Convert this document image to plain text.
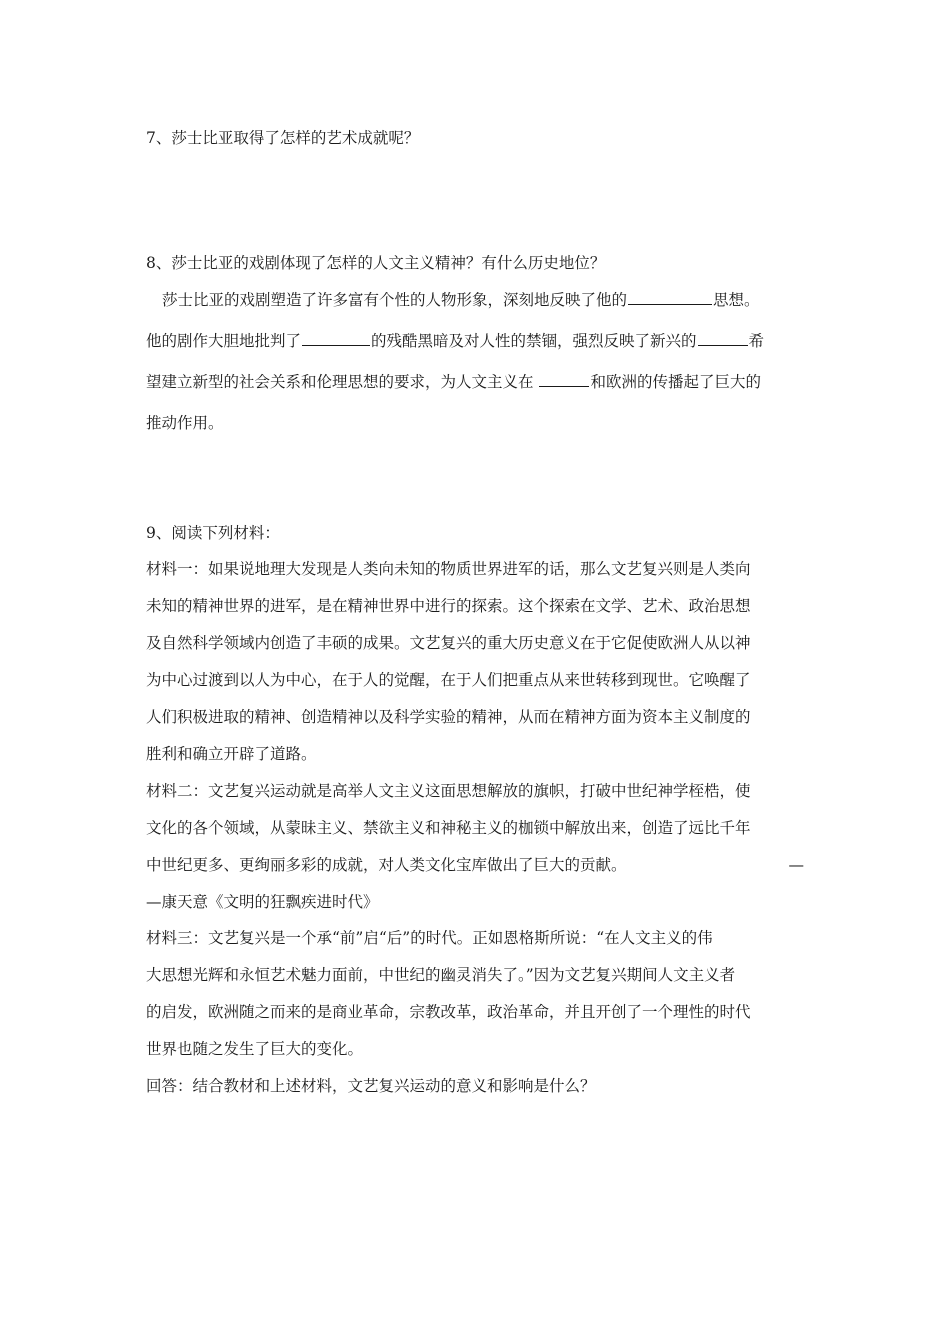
7、莎士比亚取得了怎样的艺术成就呢？

8、莎士比亚的戏剧体现了怎样的人文主义精神？有什么历史地位？

莎士比亚的戏剧塑造了许多富有个性的人物形象，深刻地反映了他的	思想。

他的剧作大胆地批判了	的残酷黑暗及对人性的禁锢，强烈反映了新兴的	希

望建立新型的社会关系和伦理思想的要求，为人文主义在	和欧洲的传播起了巨大的

推动作用。

9、阅读下列材料：

材料一：如果说地理大发现是人类向未知的物质世界进军的话，那么文艺复兴则是人类向

未知的精神世界的进军，是在精神世界中进行的探索。这个探索在文学、艺术、政治思想

及自然科学领域内创造了丰硕的成果。文艺复兴的重大历史意义在于它促使欧洲人从以神

为中心过渡到以人为中心，在于人的觉醒，在于人们把重点从来世转移到现世。它唤醒了

人们积极进取的精神、创造精神以及科学实验的精神，从而在精神方面为资本主义制度的

胜利和确立开辟了道路。

材料二：文艺复兴运动就是高举人文主义这面思想解放的旗帜，打破中世纪神学桎梏，使

文化的各个领域，从蒙昧主义、禁欲主义和神秘主义的枷锁中解放出来，创造了远比千年

中世纪更多、更绚丽多彩的成就，对人类文化宝库做出了巨大的贡献。	—

—康天意《文明的狂飘疾进时代》

材料三：文艺复兴是一个承“前”启“后”的时代。正如恩格斯所说：“在人文主义的伟

大思想光辉和永恒艺术魅力面前，中世纪的幽灵消失了。”因为文艺复兴期间人文主义者

的启发，欧洲随之而来的是商业革命，宗教改革，政治革命，并且开创了一个理性的时代

世界也随之发生了巨大的变化。

回答：结合教材和上述材料，文艺复兴运动的意义和影响是什么？
